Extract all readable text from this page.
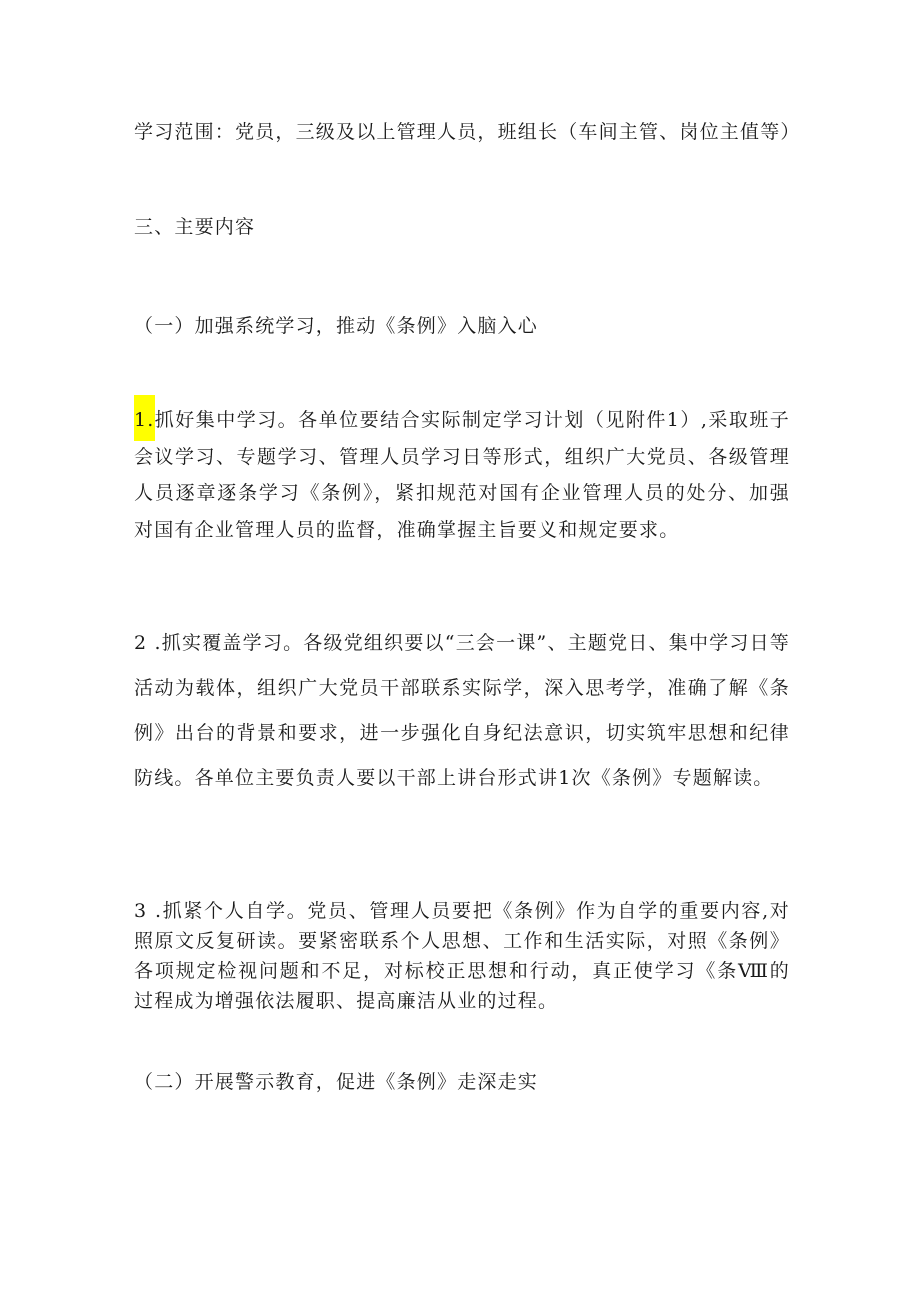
学习范围：党员，三级及以上管理人员，班组长（车间主管、岗位主值等）
三、主要内容
（一）加强系统学习，推动《条例》入脑入心
1.抓好集中学习。各单位要结合实际制定学习计划（见附件1）,采取班子会议学习、专题学习、管理人员学习日等形式，组织广大党员、各级管理人员逐章逐条学习《条例》，紧扣规范对国有企业管理人员的处分、加强对国有企业管理人员的监督，准确掌握主旨要义和规定要求。
2 .抓实覆盖学习。各级党组织要以“三会一课”、主题党日、集中学习日等活动为载体，组织广大党员干部联系实际学，深入思考学，准确了解《条例》出台的背景和要求，进一步强化自身纪法意识，切实筑牢思想和纪律防线。各单位主要负责人要以干部上讲台形式讲1次《条例》专题解读。
3 .抓紧个人自学。党员、管理人员要把《条例》作为自学的重要内容,对照原文反复研读。要紧密联系个人思想、工作和生活实际，对照《条例》各项规定检视问题和不足，对标校正思想和行动，真正使学习《条Ⅷ的过程成为增强依法履职、提高廉洁从业的过程。
（二）开展警示教育，促进《条例》走深走实
